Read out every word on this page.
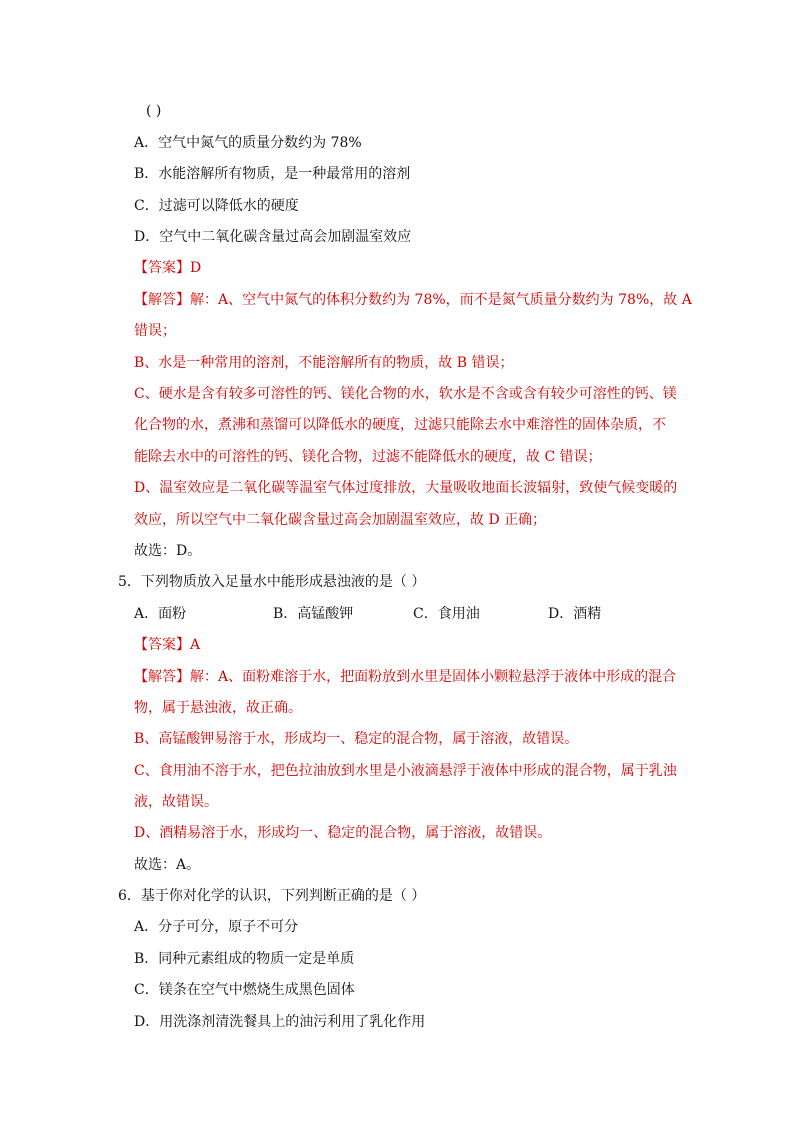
( )
A．空气中氮气的质量分数约为 78%
B．水能溶解所有物质，是一种最常用的溶剂
C．过滤可以降低水的硬度
D．空气中二氧化碳含量过高会加剧温室效应
【答案】D
【解答】解：A、空气中氮气的体积分数约为 78%，而不是氮气质量分数约为 78%，故 A
错误；
B、水是一种常用的溶剂，不能溶解所有的物质，故 B 错误；
C、硬水是含有较多可溶性的钙、镁化合物的水，软水是不含或含有较少可溶性的钙、镁
化合物的水，煮沸和蒸馏可以降低水的硬度，过滤只能除去水中难溶性的固体杂质，不
能除去水中的可溶性的钙、镁化合物，过滤不能降低水的硬度，故 C 错误；
D、温室效应是二氧化碳等温室气体过度排放，大量吸收地面长波辐射，致使气候变暖的
效应，所以空气中二氧化碳含量过高会加剧温室效应，故 D 正确；
故选：D。
5．下列物质放入足量水中能形成悬浊液的是（ ）
A．面粉	B．高锰酸钾	C．食用油	D．酒精
【答案】A
【解答】解：A、面粉难溶于水，把面粉放到水里是固体小颗粒悬浮于液体中形成的混合
物，属于悬浊液，故正确。
B、高锰酸钾易溶于水，形成均一、稳定的混合物，属于溶液，故错误。
C、食用油不溶于水，把色拉油放到水里是小液滴悬浮于液体中形成的混合物，属于乳浊
液，故错误。
D、酒精易溶于水，形成均一、稳定的混合物，属于溶液，故错误。
故选：A。
6．基于你对化学的认识，下列判断正确的是（ ）
A．分子可分，原子不可分
B．同种元素组成的物质一定是单质
C．镁条在空气中燃烧生成黑色固体
D．用洗涤剂清洗餐具上的油污利用了乳化作用
